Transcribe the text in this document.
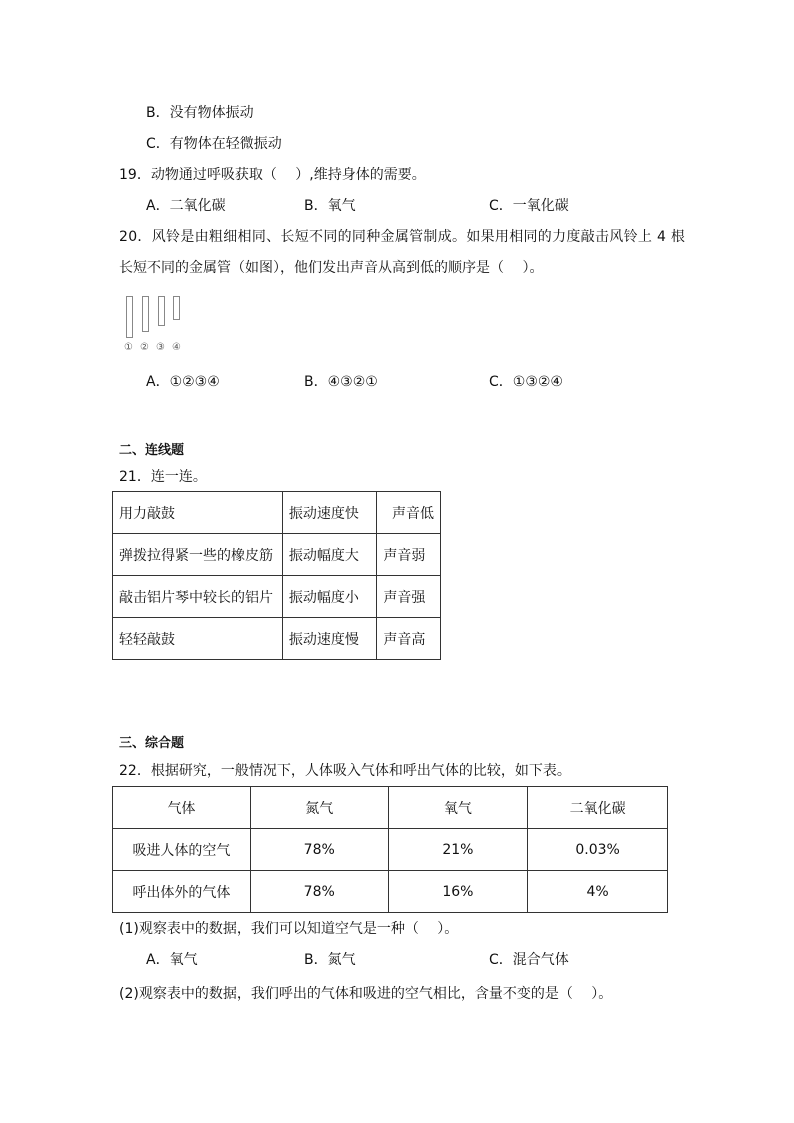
B．没有物体振动
C．有物体在轻微振动
19．动物通过呼吸获取（　 ）,维持身体的需要。
A．二氧化碳	B．氧气	C．一氧化碳
20．风铃是由粗细相同、长短不同的同种金属管制成。如果用相同的力度敲击风铃上 4 根
长短不同的金属管（如图），他们发出声音从高到低的顺序是（　 ）。
① ② ③ ④
A．①②③④	B．④③②①	C．①③②④
二、连线题
21．连一连。
用力敲鼓	振动速度快	声音低
弹拨拉得紧一些的橡皮筋	振动幅度大	声音弱
敲击铝片琴中较长的铝片	振动幅度小	声音强
轻轻敲鼓	振动速度慢	声音高
三、综合题
22．根据研究，一般情况下，人体吸入气体和呼出气体的比较，如下表。
气体	氮气	氧气	二氧化碳
吸进人体的空气	78%	21%	0.03%
呼出体外的气体	78%	16%	4%
(1)观察表中的数据，我们可以知道空气是一种（　 ）。
A．氧气	B．氮气	C．混合气体
(2)观察表中的数据，我们呼出的气体和吸进的空气相比，含量不变的是（　 ）。
